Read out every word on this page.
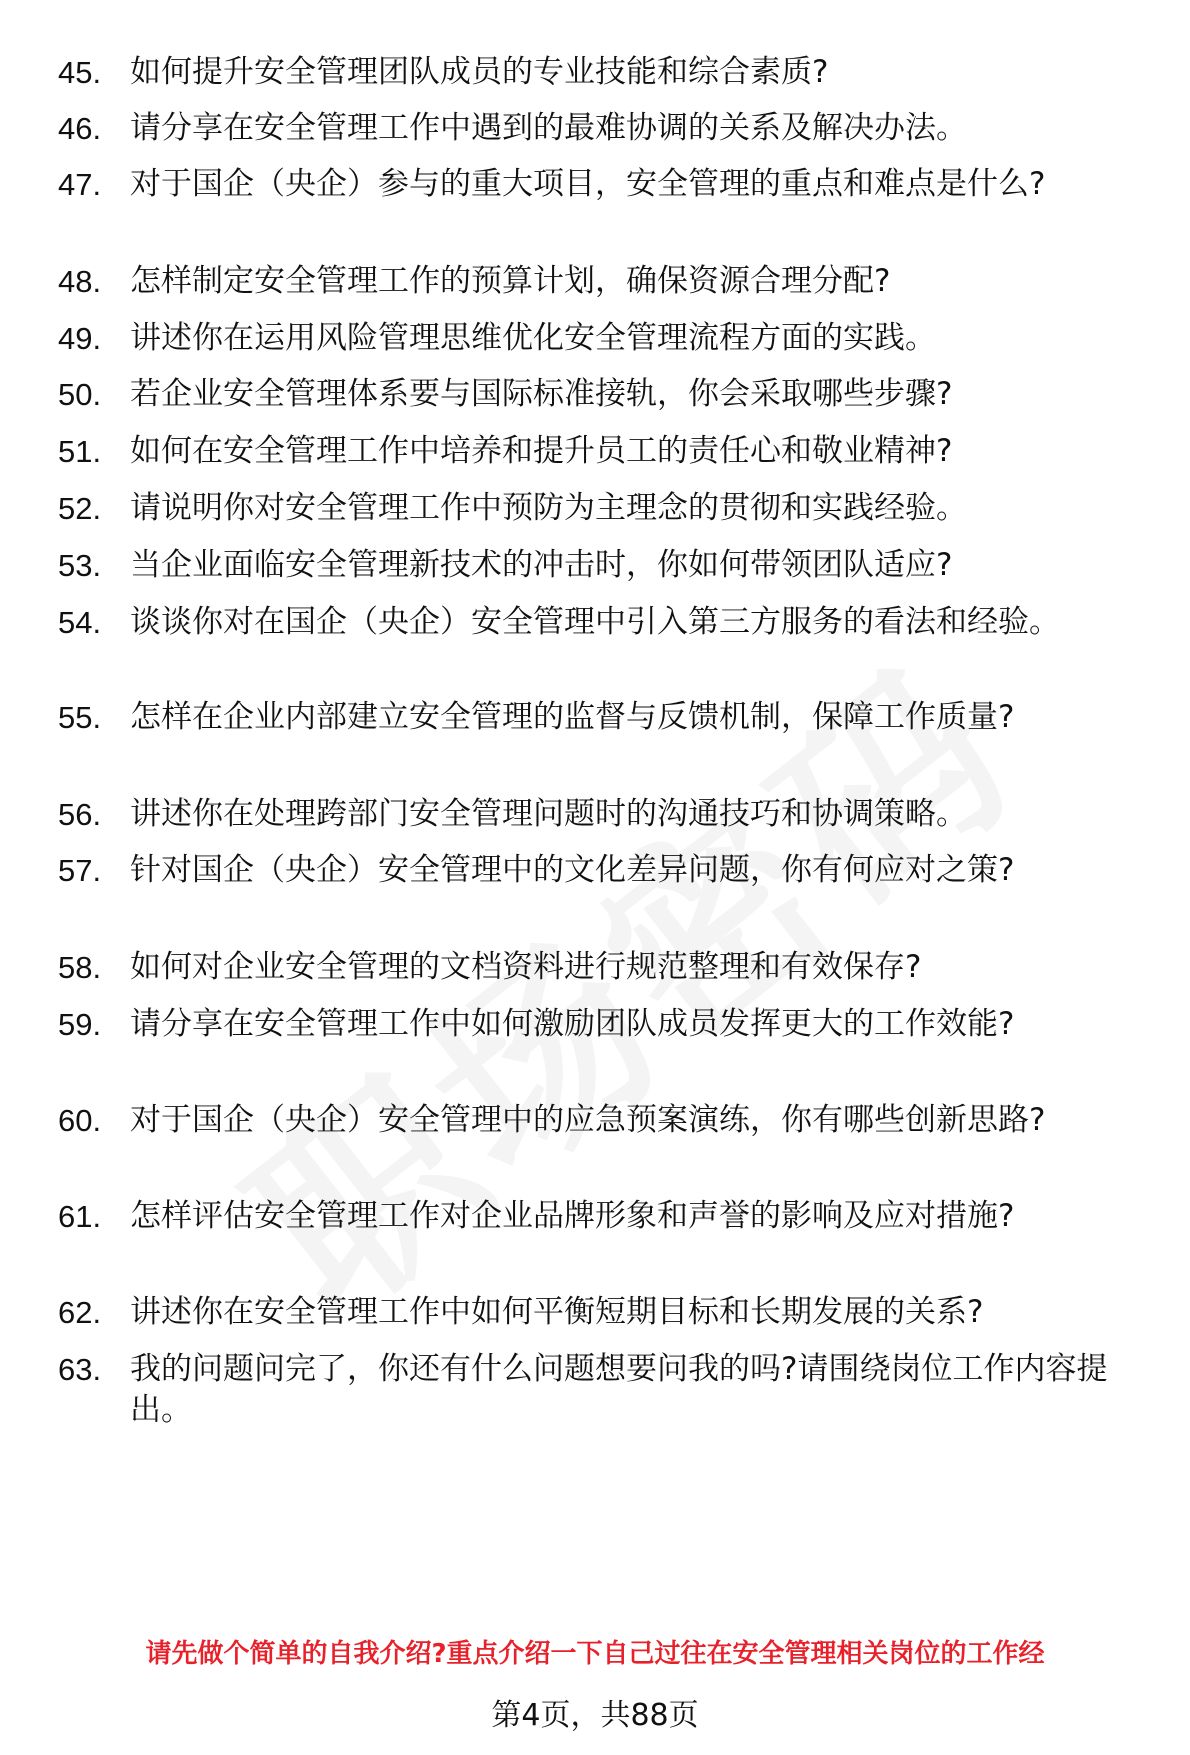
45. 如何提升安全管理团队成员的专业技能和综合素质?
46. 请分享在安全管理工作中遇到的最难协调的关系及解决办法。
47. 对于国企（央企）参与的重大项目，安全管理的重点和难点是什么?
48. 怎样制定安全管理工作的预算计划，确保资源合理分配?
49. 讲述你在运用风险管理思维优化安全管理流程方面的实践。
50. 若企业安全管理体系要与国际标准接轨，你会采取哪些步骤?
51. 如何在安全管理工作中培养和提升员工的责任心和敬业精神?
52. 请说明你对安全管理工作中预防为主理念的贯彻和实践经验。
53. 当企业面临安全管理新技术的冲击时，你如何带领团队适应?
54. 谈谈你对在国企（央企）安全管理中引入第三方服务的看法和经验。
55. 怎样在企业内部建立安全管理的监督与反馈机制，保障工作质量?
56. 讲述你在处理跨部门安全管理问题时的沟通技巧和协调策略。
57. 针对国企（央企）安全管理中的文化差异问题，你有何应对之策?
58. 如何对企业安全管理的文档资料进行规范整理和有效保存?
59. 请分享在安全管理工作中如何激励团队成员发挥更大的工作效能?
60. 对于国企（央企）安全管理中的应急预案演练，你有哪些创新思路?
61. 怎样评估安全管理工作对企业品牌形象和声誉的影响及应对措施?
62. 讲述你在安全管理工作中如何平衡短期目标和长期发展的关系?
63. 我的问题问完了，你还有什么问题想要问我的吗?请围绕岗位工作内容提出。
请先做个简单的自我介绍?重点介绍一下自己过往在安全管理相关岗位的工作经
第4页，共88页
